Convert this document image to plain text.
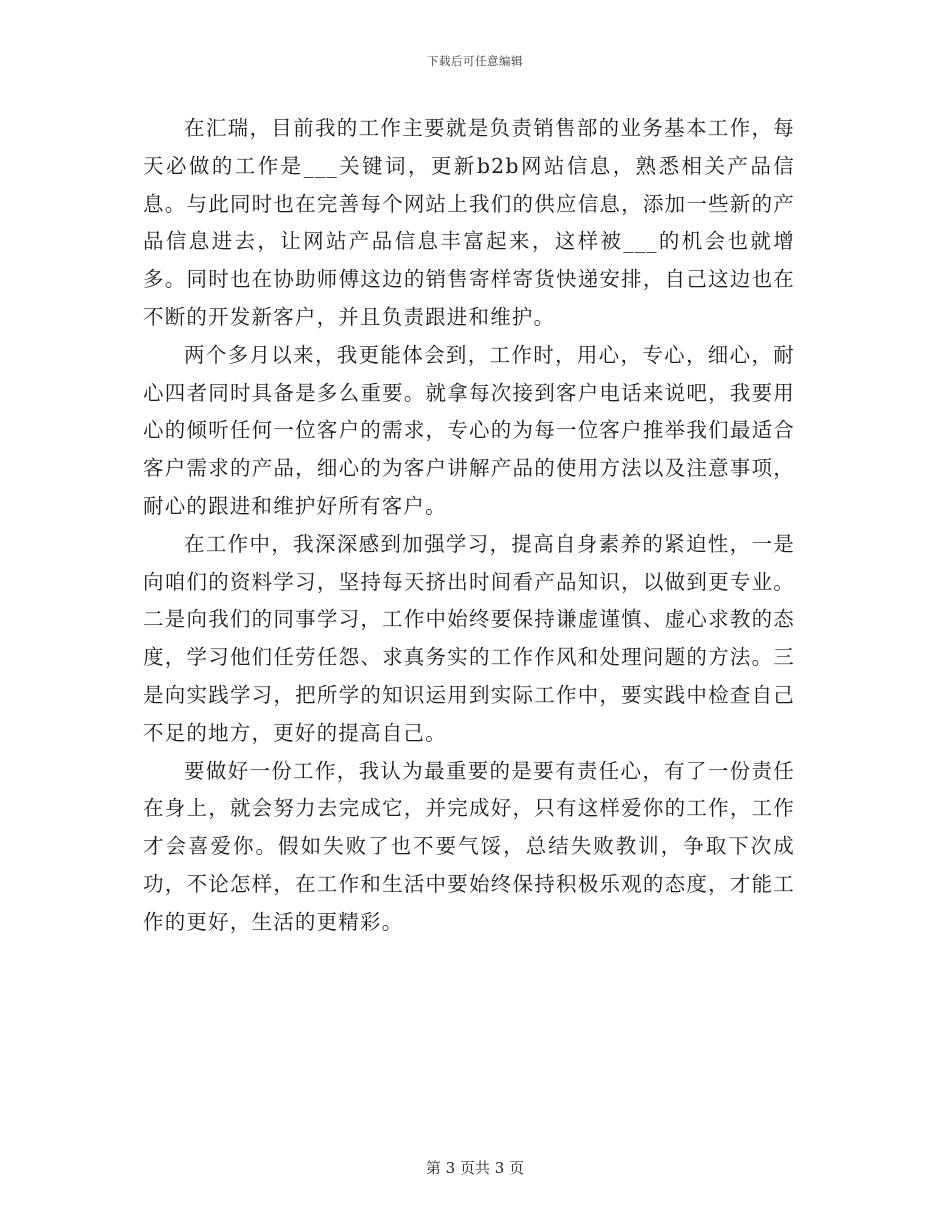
下载后可任意编辑

在汇瑞，目前我的工作主要就是负责销售部的业务基本工作，每天必做的工作是___关键词，更新b2b网站信息，熟悉相关产品信息。与此同时也在完善每个网站上我们的供应信息，添加一些新的产品信息进去，让网站产品信息丰富起来，这样被___的机会也就增多。同时也在协助师傅这边的销售寄样寄货快递安排，自己这边也在不断的开发新客户，并且负责跟进和维护。

两个多月以来，我更能体会到，工作时，用心，专心，细心，耐心四者同时具备是多么重要。就拿每次接到客户电话来说吧，我要用心的倾听任何一位客户的需求，专心的为每一位客户推举我们最适合客户需求的产品，细心的为客户讲解产品的使用方法以及注意事项，耐心的跟进和维护好所有客户。

在工作中，我深深感到加强学习，提高自身素养的紧迫性，一是向咱们的资料学习，坚持每天挤出时间看产品知识，以做到更专业。二是向我们的同事学习，工作中始终要保持谦虚谨慎、虚心求教的态度，学习他们任劳任怨、求真务实的工作作风和处理问题的方法。三是向实践学习，把所学的知识运用到实际工作中，要实践中检查自己不足的地方，更好的提高自己。

要做好一份工作，我认为最重要的是要有责任心，有了一份责任在身上，就会努力去完成它，并完成好，只有这样爱你的工作，工作才会喜爱你。假如失败了也不要气馁，总结失败教训，争取下次成功，不论怎样，在工作和生活中要始终保持积极乐观的态度，才能工作的更好，生活的更精彩。

第 3 页共 3 页
